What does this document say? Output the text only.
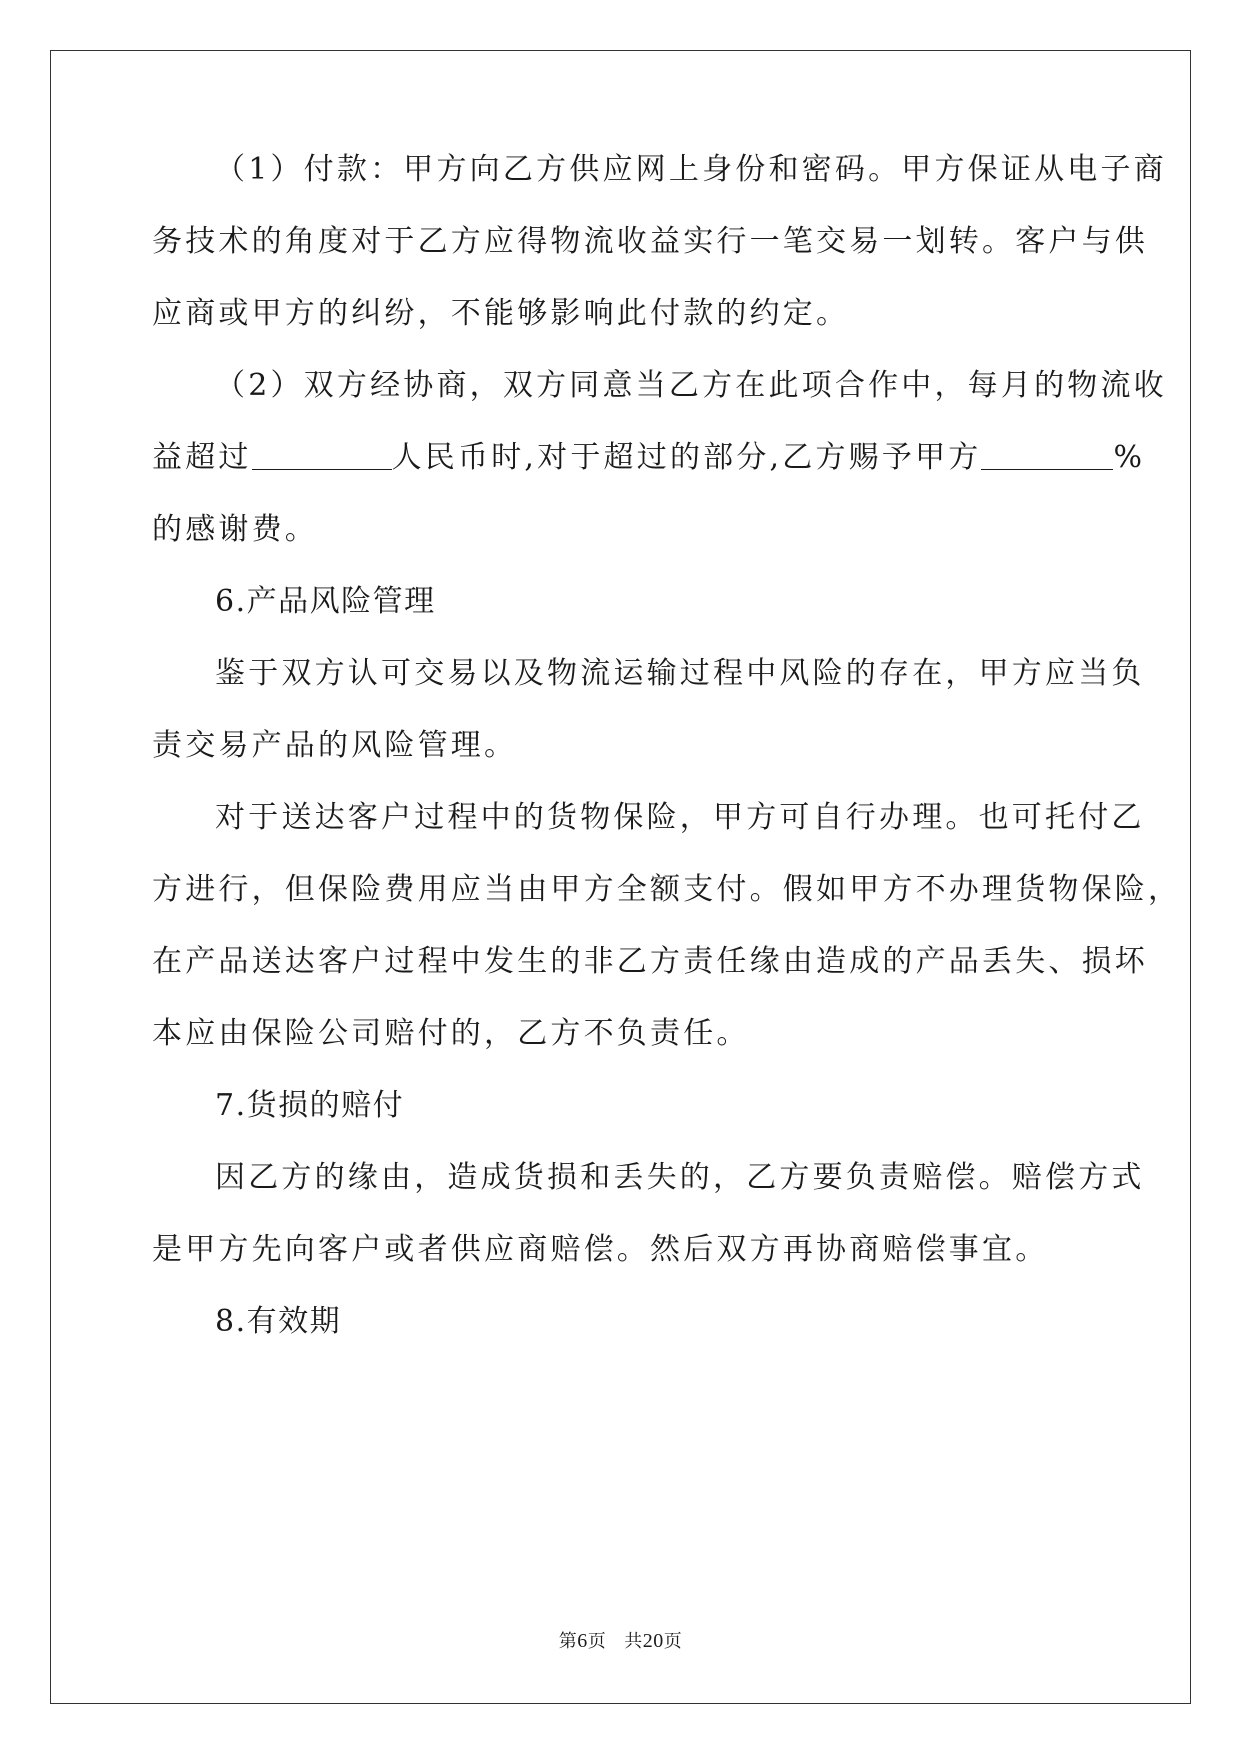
（1）付款：甲方向乙方供应网上身份和密码。甲方保证从电子商
务技术的角度对于乙方应得物流收益实行一笔交易一划转。客户与供
应商或甲方的纠纷，不能够影响此付款的约定。
（2）双方经协商，双方同意当乙方在此项合作中，每月的物流收
益超过	人民币时,对于超过的部分,乙方赐予甲方	%
的感谢费。
6.产品风险管理
鉴于双方认可交易以及物流运输过程中风险的存在，甲方应当负
责交易产品的风险管理。
对于送达客户过程中的货物保险，甲方可自行办理。也可托付乙
方进行，但保险费用应当由甲方全额支付。假如甲方不办理货物保险，
在产品送达客户过程中发生的非乙方责任缘由造成的产品丢失、损坏
本应由保险公司赔付的，乙方不负责任。
7.货损的赔付
因乙方的缘由，造成货损和丢失的，乙方要负责赔偿。赔偿方式
是甲方先向客户或者供应商赔偿。然后双方再协商赔偿事宜。
8.有效期
第6页 共20页
